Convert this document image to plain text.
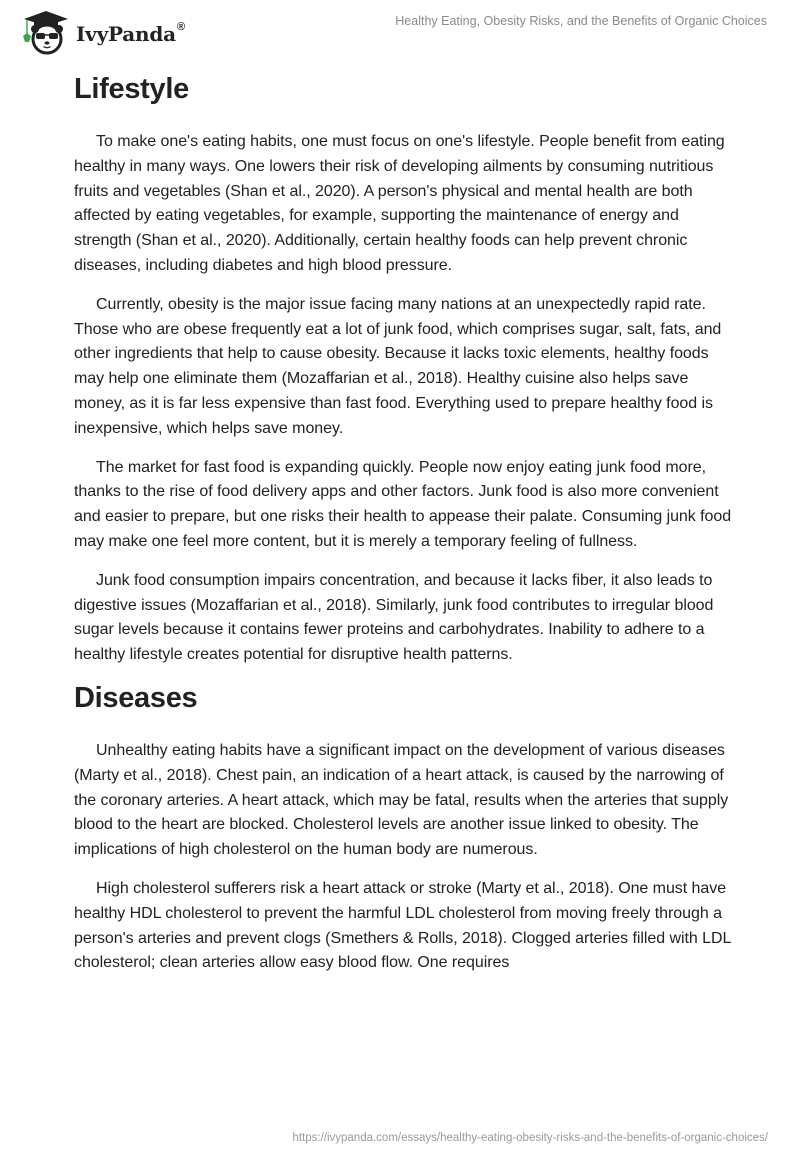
IvyPanda®	Healthy Eating, Obesity Risks, and the Benefits of Organic Choices
Lifestyle

To make one's eating habits, one must focus on one's lifestyle. People benefit from eating healthy in many ways. One lowers their risk of developing ailments by consuming nutritious fruits and vegetables (Shan et al., 2020). A person's physical and mental health are both affected by eating vegetables, for example, supporting the maintenance of energy and strength (Shan et al., 2020). Additionally, certain healthy foods can help prevent chronic diseases, including diabetes and high blood pressure.

Currently, obesity is the major issue facing many nations at an unexpectedly rapid rate. Those who are obese frequently eat a lot of junk food, which comprises sugar, salt, fats, and other ingredients that help to cause obesity. Because it lacks toxic elements, healthy foods may help one eliminate them (Mozaffarian et al., 2018). Healthy cuisine also helps save money, as it is far less expensive than fast food. Everything used to prepare healthy food is inexpensive, which helps save money.

The market for fast food is expanding quickly. People now enjoy eating junk food more, thanks to the rise of food delivery apps and other factors. Junk food is also more convenient and easier to prepare, but one risks their health to appease their palate. Consuming junk food may make one feel more content, but it is merely a temporary feeling of fullness.

Junk food consumption impairs concentration, and because it lacks fiber, it also leads to digestive issues (Mozaffarian et al., 2018). Similarly, junk food contributes to irregular blood sugar levels because it contains fewer proteins and carbohydrates. Inability to adhere to a healthy lifestyle creates potential for disruptive health patterns.

Diseases

Unhealthy eating habits have a significant impact on the development of various diseases (Marty et al., 2018). Chest pain, an indication of a heart attack, is caused by the narrowing of the coronary arteries. A heart attack, which may be fatal, results when the arteries that supply blood to the heart are blocked. Cholesterol levels are another issue linked to obesity. The implications of high cholesterol on the human body are numerous.

High cholesterol sufferers risk a heart attack or stroke (Marty et al., 2018). One must have healthy HDL cholesterol to prevent the harmful LDL cholesterol from moving freely through a person's arteries and prevent clogs (Smethers & Rolls, 2018). Clogged arteries filled with LDL cholesterol; clean arteries allow easy blood flow. One requires

https://ivypanda.com/essays/healthy-eating-obesity-risks-and-the-benefits-of-organic-choices/
